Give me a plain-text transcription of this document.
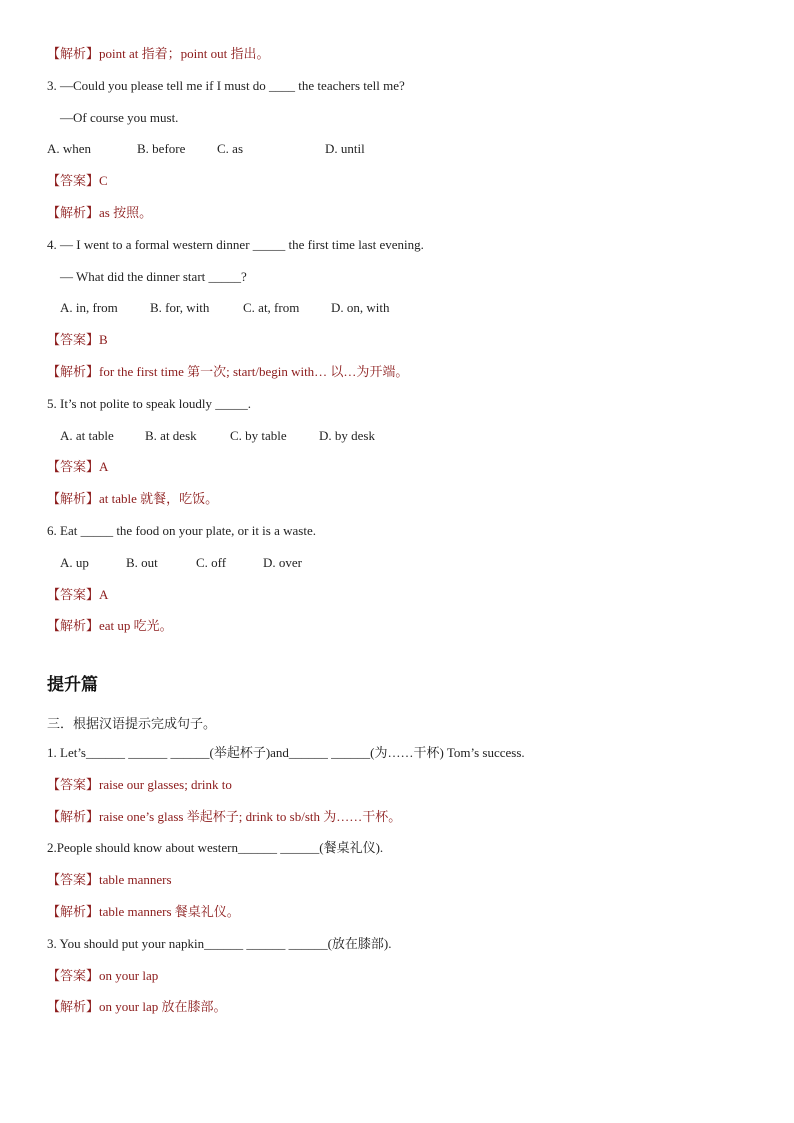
【解析】point at 指着；point out 指出。
3. —Could you please tell me if I must do ____ the teachers tell me?
—Of course you must.
A. when	B. before C. as	D. until
【答案】C
【解析】as 按照。
4. — I went to a formal western dinner _____ the first time last evening.
— What did the dinner start _____?
A. in, from B. for, with	C. at, from D. on, with
【答案】B
【解析】for the first time 第一次; start/begin with… 以…为开端。
5. It’s not polite to speak loudly _____.
A. at table B. at desk	C. by table D. by desk
【答案】A
【解析】at table 就餐，吃饭。
6. Eat _____ the food on your plate, or it is a waste.
A. up	B. out	C. off	D. over
【答案】A
【解析】eat up 吃光。
提升篇
三．根据汉语提示完成句子。
1. Let’s______ ______ ______(举起杯子)and______ ______(为……干杯) Tom’s success.
【答案】raise our glasses; drink to
【解析】raise one’s glass 举起杯子; drink to sb/sth 为……干杯。
2.People should know about western______ ______(餐桌礼仪).
【答案】table manners
【解析】table manners 餐桌礼仪。
3. You should put your napkin______ ______ ______(放在膝部).
【答案】on your lap
【解析】on your lap 放在膝部。
